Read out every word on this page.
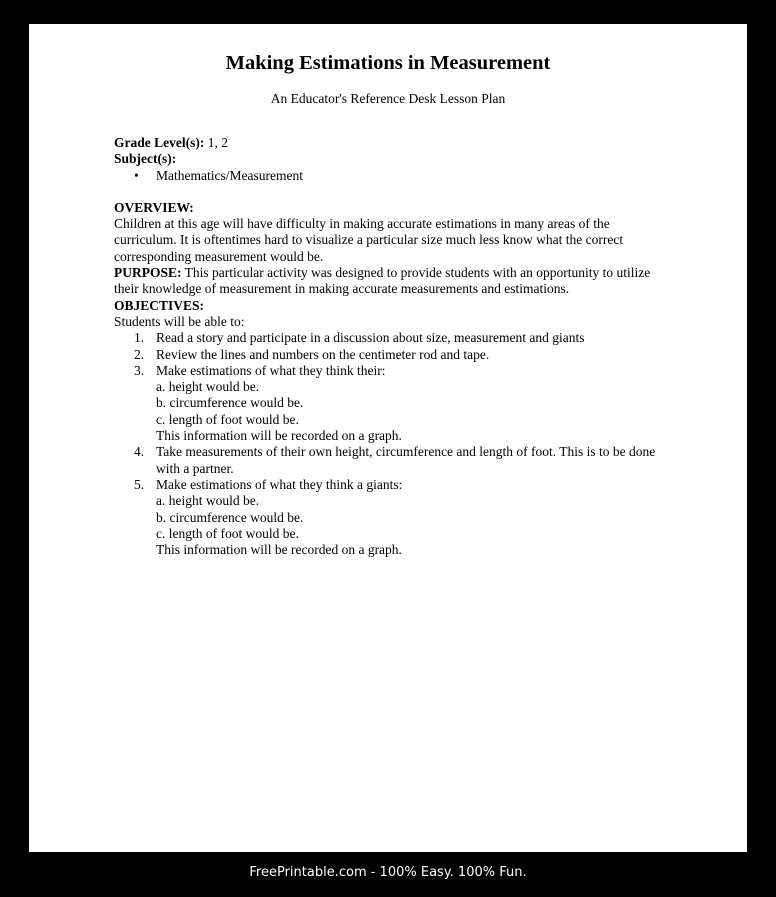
Making Estimations in Measurement

An Educator's Reference Desk Lesson Plan

Grade Level(s): 1, 2

Subject(s):

• Mathematics/Measurement

OVERVIEW:

Children at this age will have difficulty in making accurate estimations in many areas of the curriculum. It is oftentimes hard to visualize a particular size much less know what the correct corresponding measurement would be.

PURPOSE: This particular activity was designed to provide students with an opportunity to utilize their knowledge of measurement in making accurate measurements and estimations.

OBJECTIVES:

Students will be able to:

1. Read a story and participate in a discussion about size, measurement and giants
2. Review the lines and numbers on the centimeter rod and tape.
3. Make estimations of what they think their:
a. height would be.
b. circumference would be.
c. length of foot would be.
This information will be recorded on a graph.
4. Take measurements of their own height, circumference and length of foot. This is to be done with a partner.
5. Make estimations of what they think a giants:
a. height would be.
b. circumference would be.
c. length of foot would be.
This information will be recorded on a graph.
FreePrintable.com - 100% Easy. 100% Fun.
